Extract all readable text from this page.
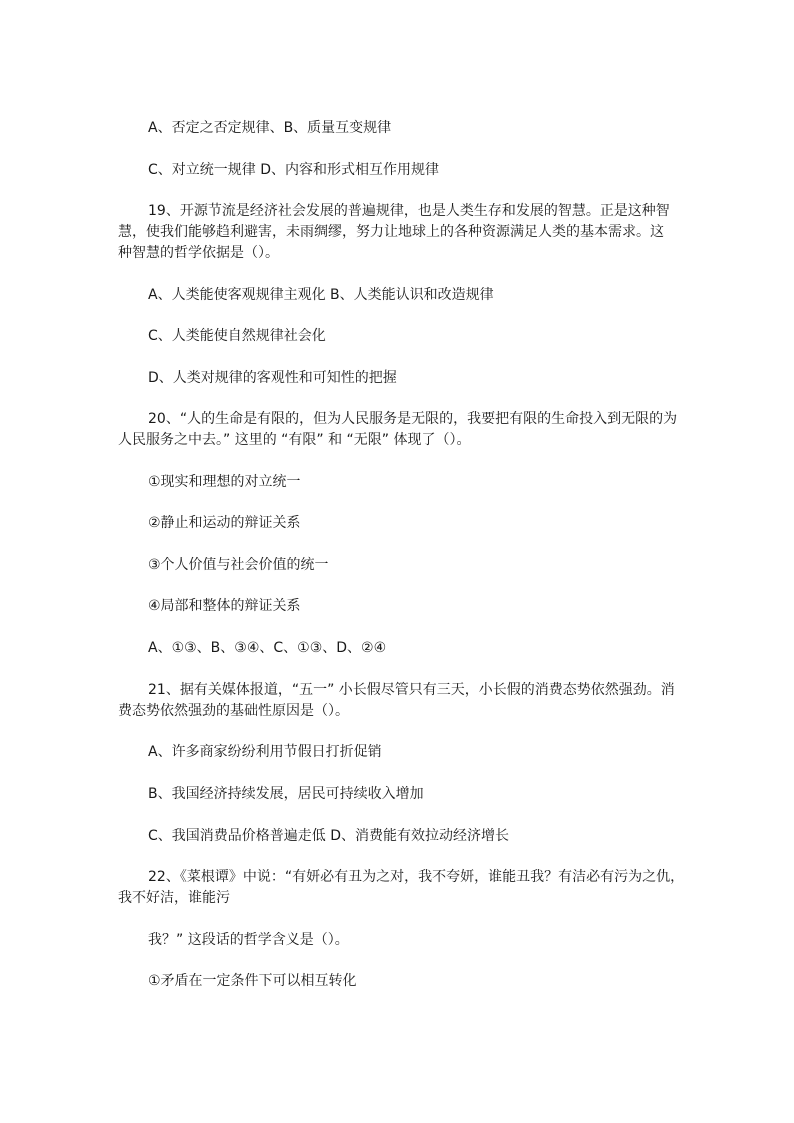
A、否定之否定规律、B、质量互变规律
C、对立统一规律 D、内容和形式相互作用规律
19、开源节流是经济社会发展的普遍规律，也是人类生存和发展的智慧。正是这种智
慧，使我们能够趋利避害，未雨绸缪，努力让地球上的各种资源满足人类的基本需求。这
种智慧的哲学依据是（）。
A、人类能使客观规律主观化 B、人类能认识和改造规律
C、人类能使自然规律社会化
D、人类对规律的客观性和可知性的把握
20、“人的生命是有限的，但为人民服务是无限的，我要把有限的生命投入到无限的为
人民服务之中去。” 这里的 “有限” 和 “无限” 体现了（）。
①现实和理想的对立统一
②静止和运动的辩证关系
③个人价值与社会价值的统一
④局部和整体的辩证关系
A、①③、B、③④、C、①③、D、②④
21、据有关媒体报道，“五一” 小长假尽管只有三天，小长假的消费态势依然强劲。消
费态势依然强劲的基础性原因是（）。
A、许多商家纷纷利用节假日打折促销
B、我国经济持续发展，居民可持续收入增加
C、我国消费品价格普遍走低 D、消费能有效拉动经济增长
22、《菜根谭》中说：“有妍必有丑为之对，我不夸妍，谁能丑我？有洁必有污为之仇，
我不好洁，谁能污
我？” 这段话的哲学含义是（）。
①矛盾在一定条件下可以相互转化
